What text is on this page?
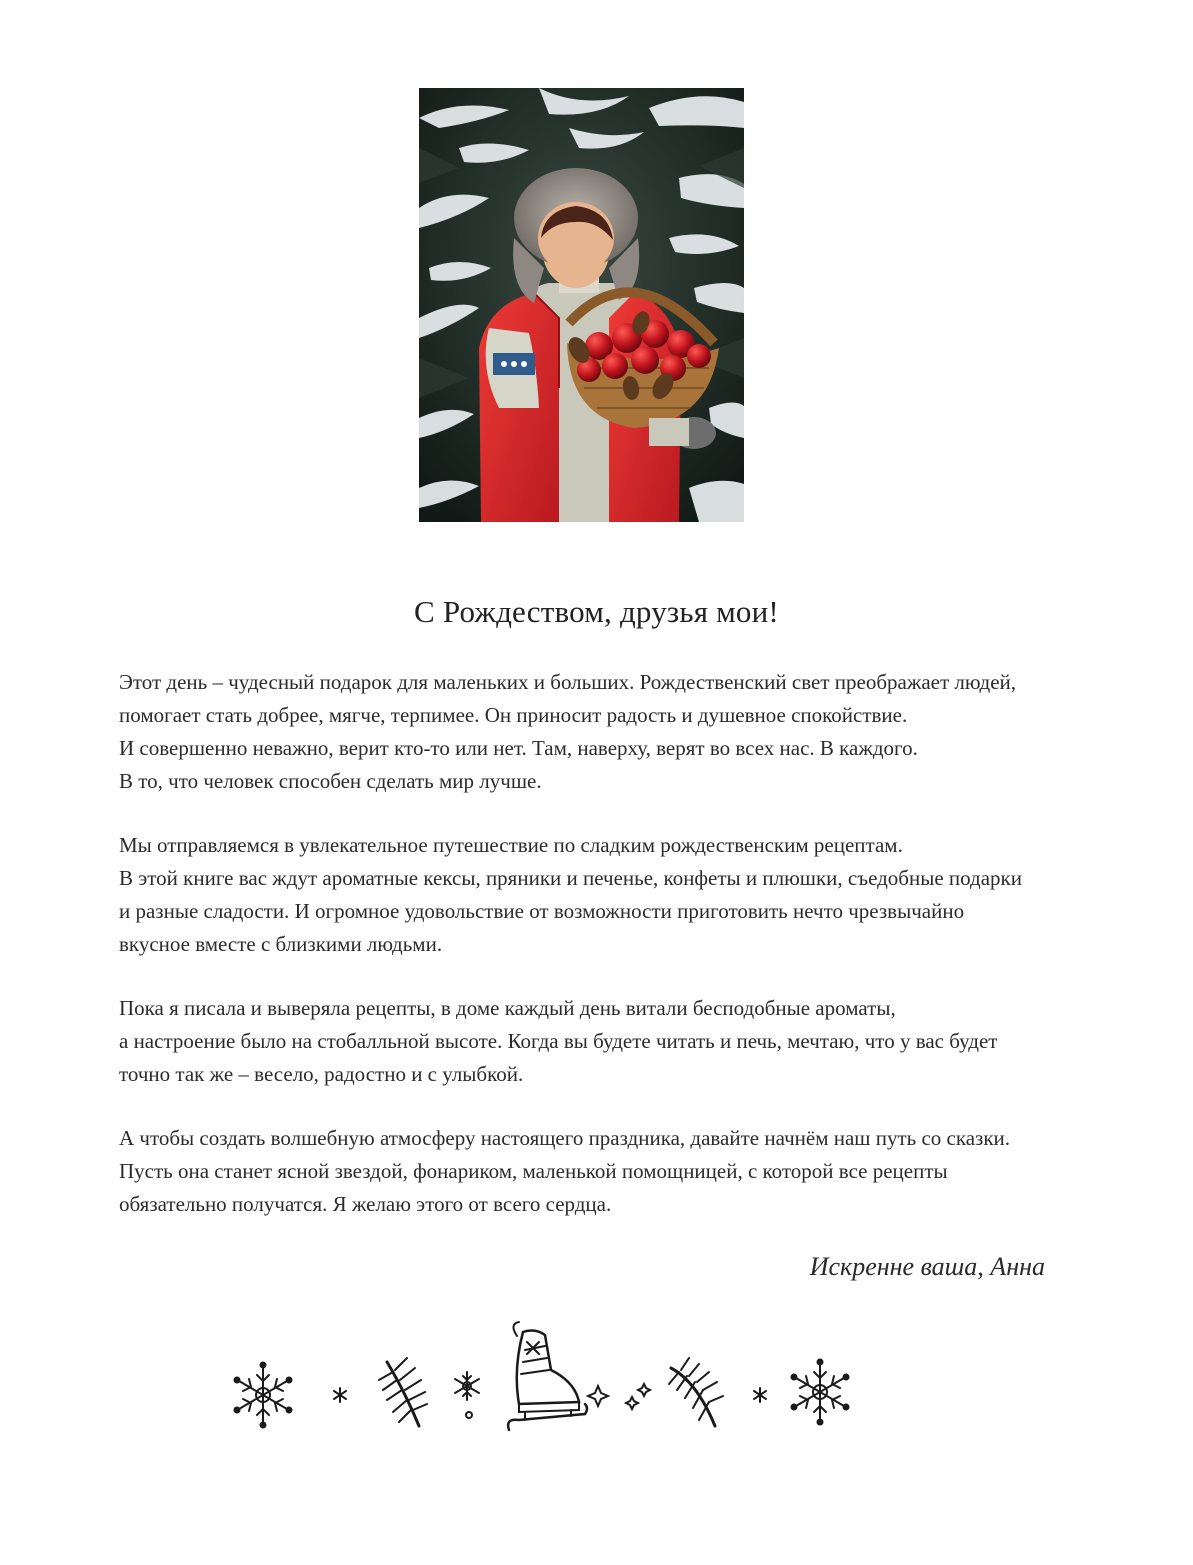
С Рождеством, друзья мои!

Этот день – чудесный подарок для маленьких и больших. Рождественский свет преображает людей,
помогает стать добрее, мягче, терпимее. Он приносит радость и душевное спокойствие.
И совершенно неважно, верит кто-то или нет. Там, наверху, верят во всех нас. В каждого.
В то, что человек способен сделать мир лучше.

Мы отправляемся в увлекательное путешествие по сладким рождественским рецептам.
В этой книге вас ждут ароматные кексы, пряники и печенье, конфеты и плюшки, съедобные подарки
и разные сладости. И огромное удовольствие от возможности приготовить нечто чрезвычайно
вкусное вместе с близкими людьми.

Пока я писала и выверяла рецепты, в доме каждый день витали бесподобные ароматы,
а настроение было на стобалльной высоте. Когда вы будете читать и печь, мечтаю, что у вас будет
точно так же – весело, радостно и с улыбкой.

А чтобы создать волшебную атмосферу настоящего праздника, давайте начнём наш путь со сказки.
Пусть она станет ясной звездой, фонариком, маленькой помощницей, с которой все рецепты
обязательно получатся. Я желаю этого от всего сердца.

Искренне ваша, Анна
